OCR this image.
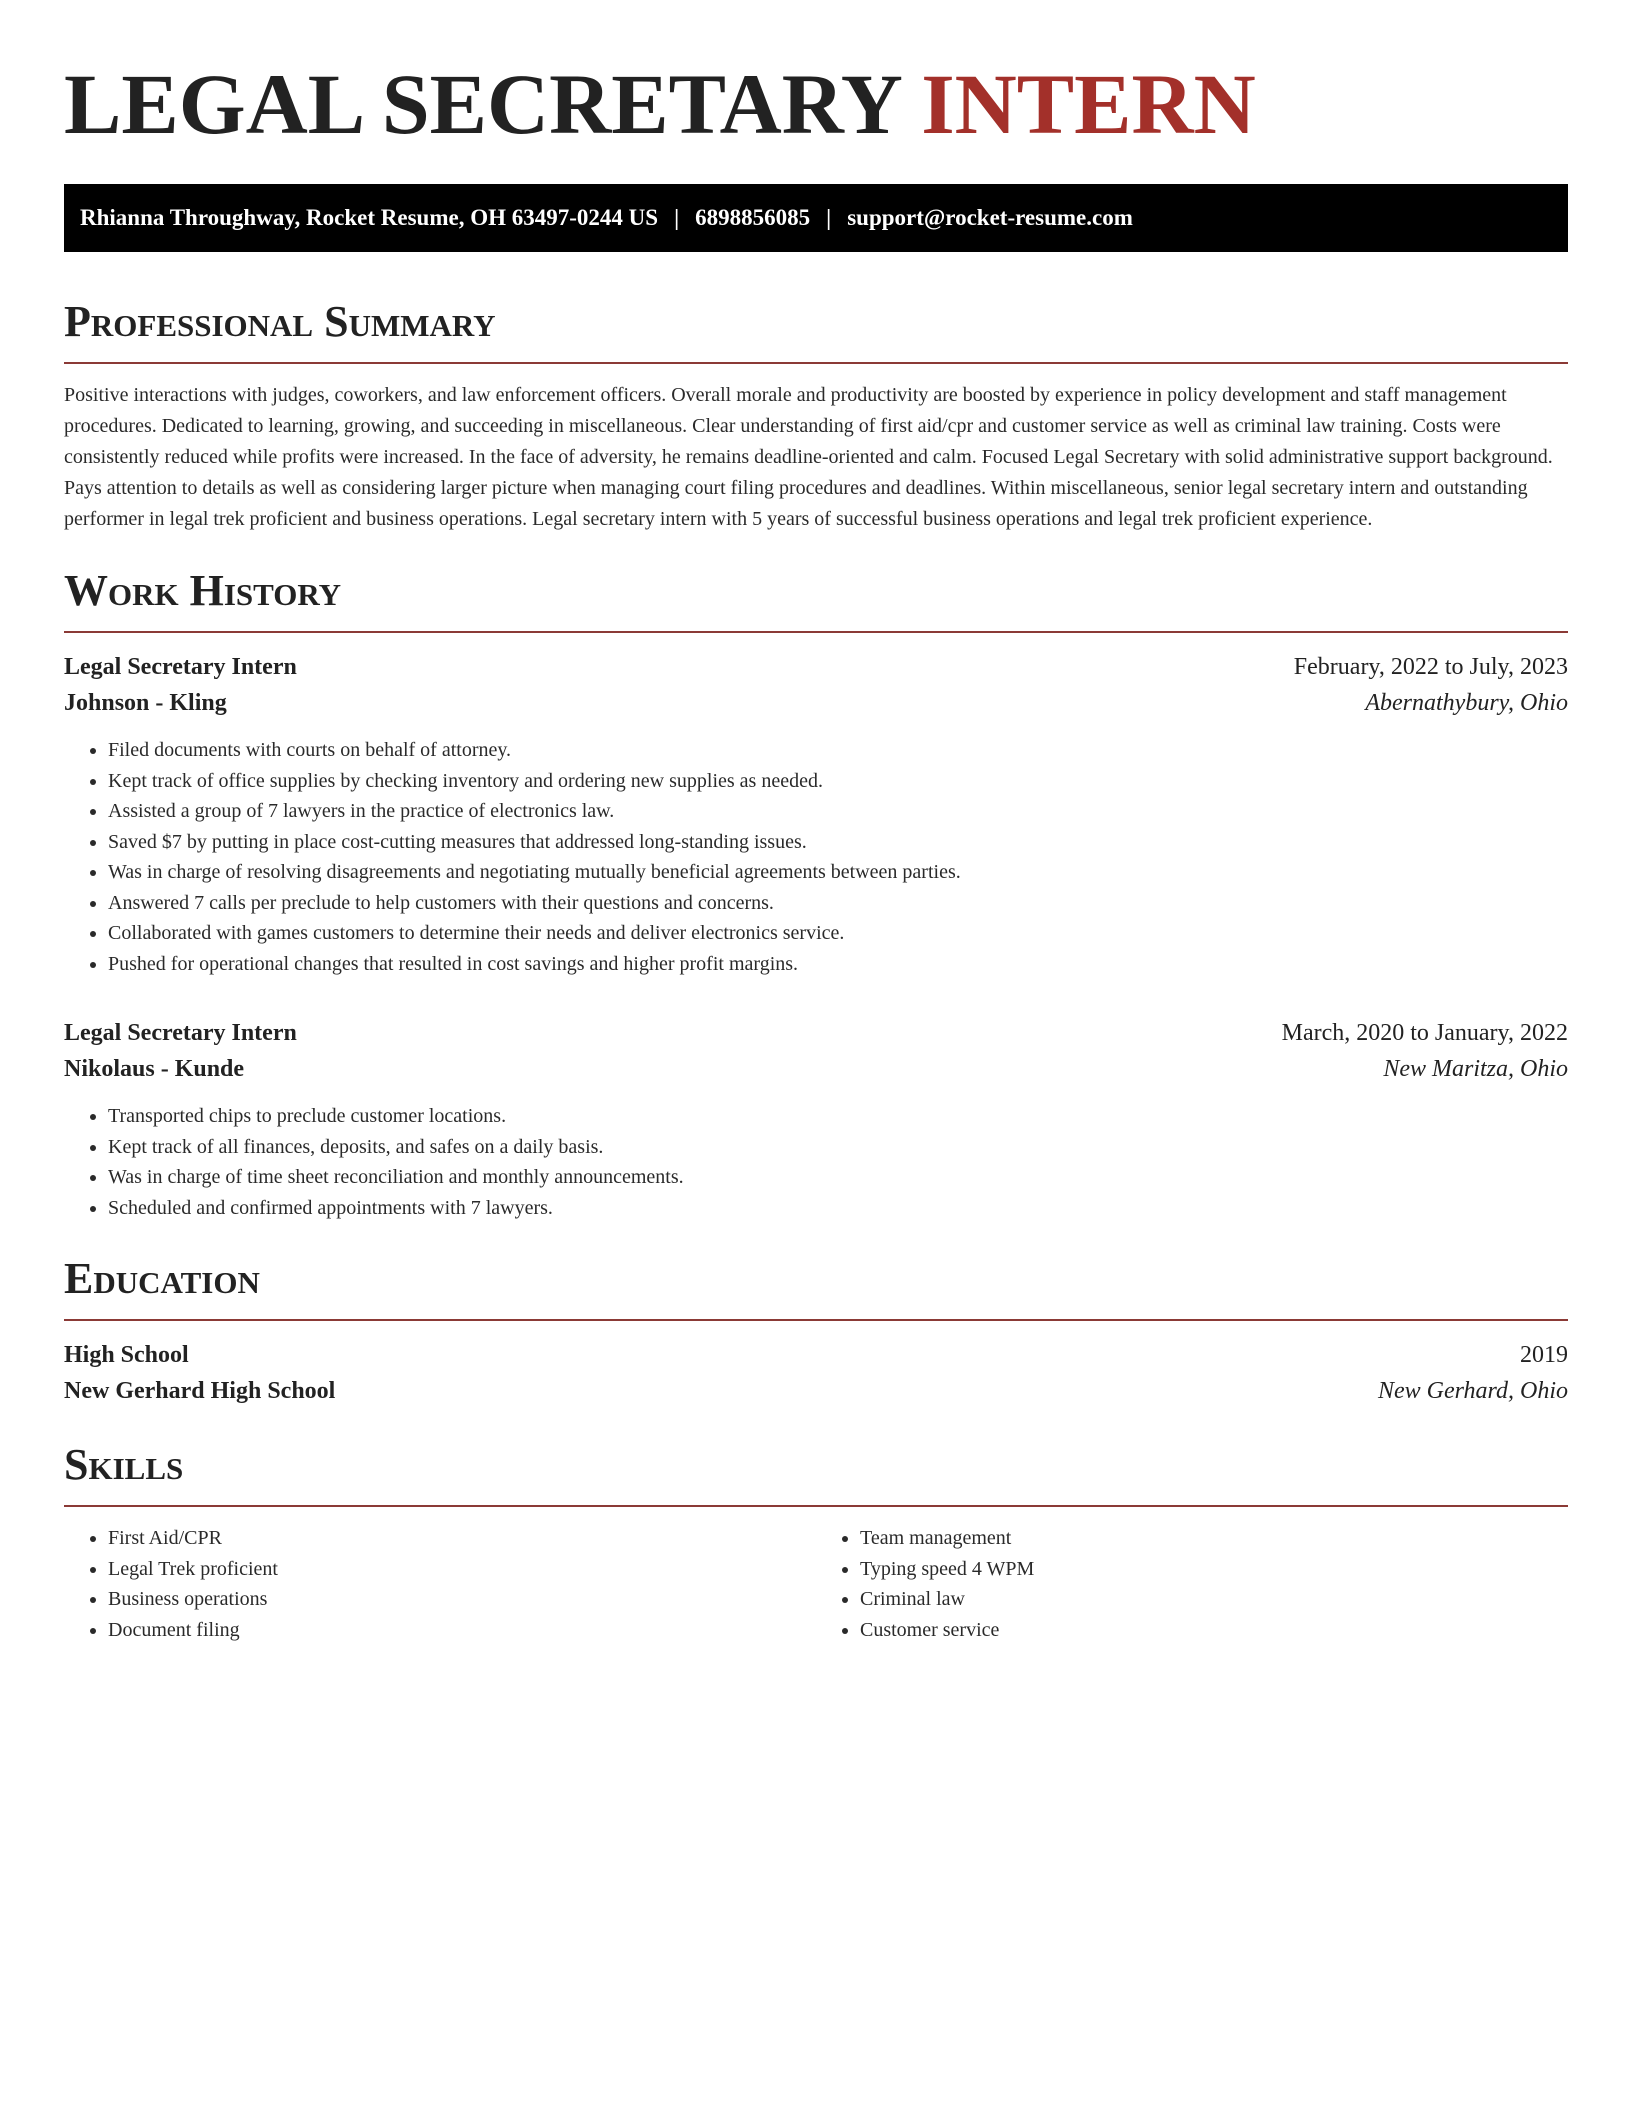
LEGAL SECRETARY INTERN
Rhianna Throughway, Rocket Resume, OH 63497-0244 US | 6898856085 | support@rocket-resume.com
Professional Summary

Positive interactions with judges, coworkers, and law enforcement officers. Overall morale and productivity are boosted by experience in policy development and staff management procedures. Dedicated to learning, growing, and succeeding in miscellaneous. Clear understanding of first aid/cpr and customer service as well as criminal law training. Costs were consistently reduced while profits were increased. In the face of adversity, he remains deadline-oriented and calm. Focused Legal Secretary with solid administrative support background. Pays attention to details as well as considering larger picture when managing court filing procedures and deadlines. Within miscellaneous, senior legal secretary intern and outstanding performer in legal trek proficient and business operations. Legal secretary intern with 5 years of successful business operations and legal trek proficient experience.

Work History
Legal Secretary Intern	February, 2022 to July, 2023
Johnson - Kling	Abernathybury, Ohio
• Filed documents with courts on behalf of attorney.
• Kept track of office supplies by checking inventory and ordering new supplies as needed.
• Assisted a group of 7 lawyers in the practice of electronics law.
• Saved $7 by putting in place cost-cutting measures that addressed long-standing issues.
• Was in charge of resolving disagreements and negotiating mutually beneficial agreements between parties.
• Answered 7 calls per preclude to help customers with their questions and concerns.
• Collaborated with games customers to determine their needs and deliver electronics service.
• Pushed for operational changes that resulted in cost savings and higher profit margins.
Legal Secretary Intern	March, 2020 to January, 2022
Nikolaus - Kunde	New Maritza, Ohio
• Transported chips to preclude customer locations.
• Kept track of all finances, deposits, and safes on a daily basis.
• Was in charge of time sheet reconciliation and monthly announcements.
• Scheduled and confirmed appointments with 7 lawyers.
Education
High School	2019
New Gerhard High School	New Gerhard, Ohio
Skills
• First Aid/CPR
• Legal Trek proficient
• Business operations
• Document filing
• Team management
• Typing speed 4 WPM
• Criminal law
• Customer service
